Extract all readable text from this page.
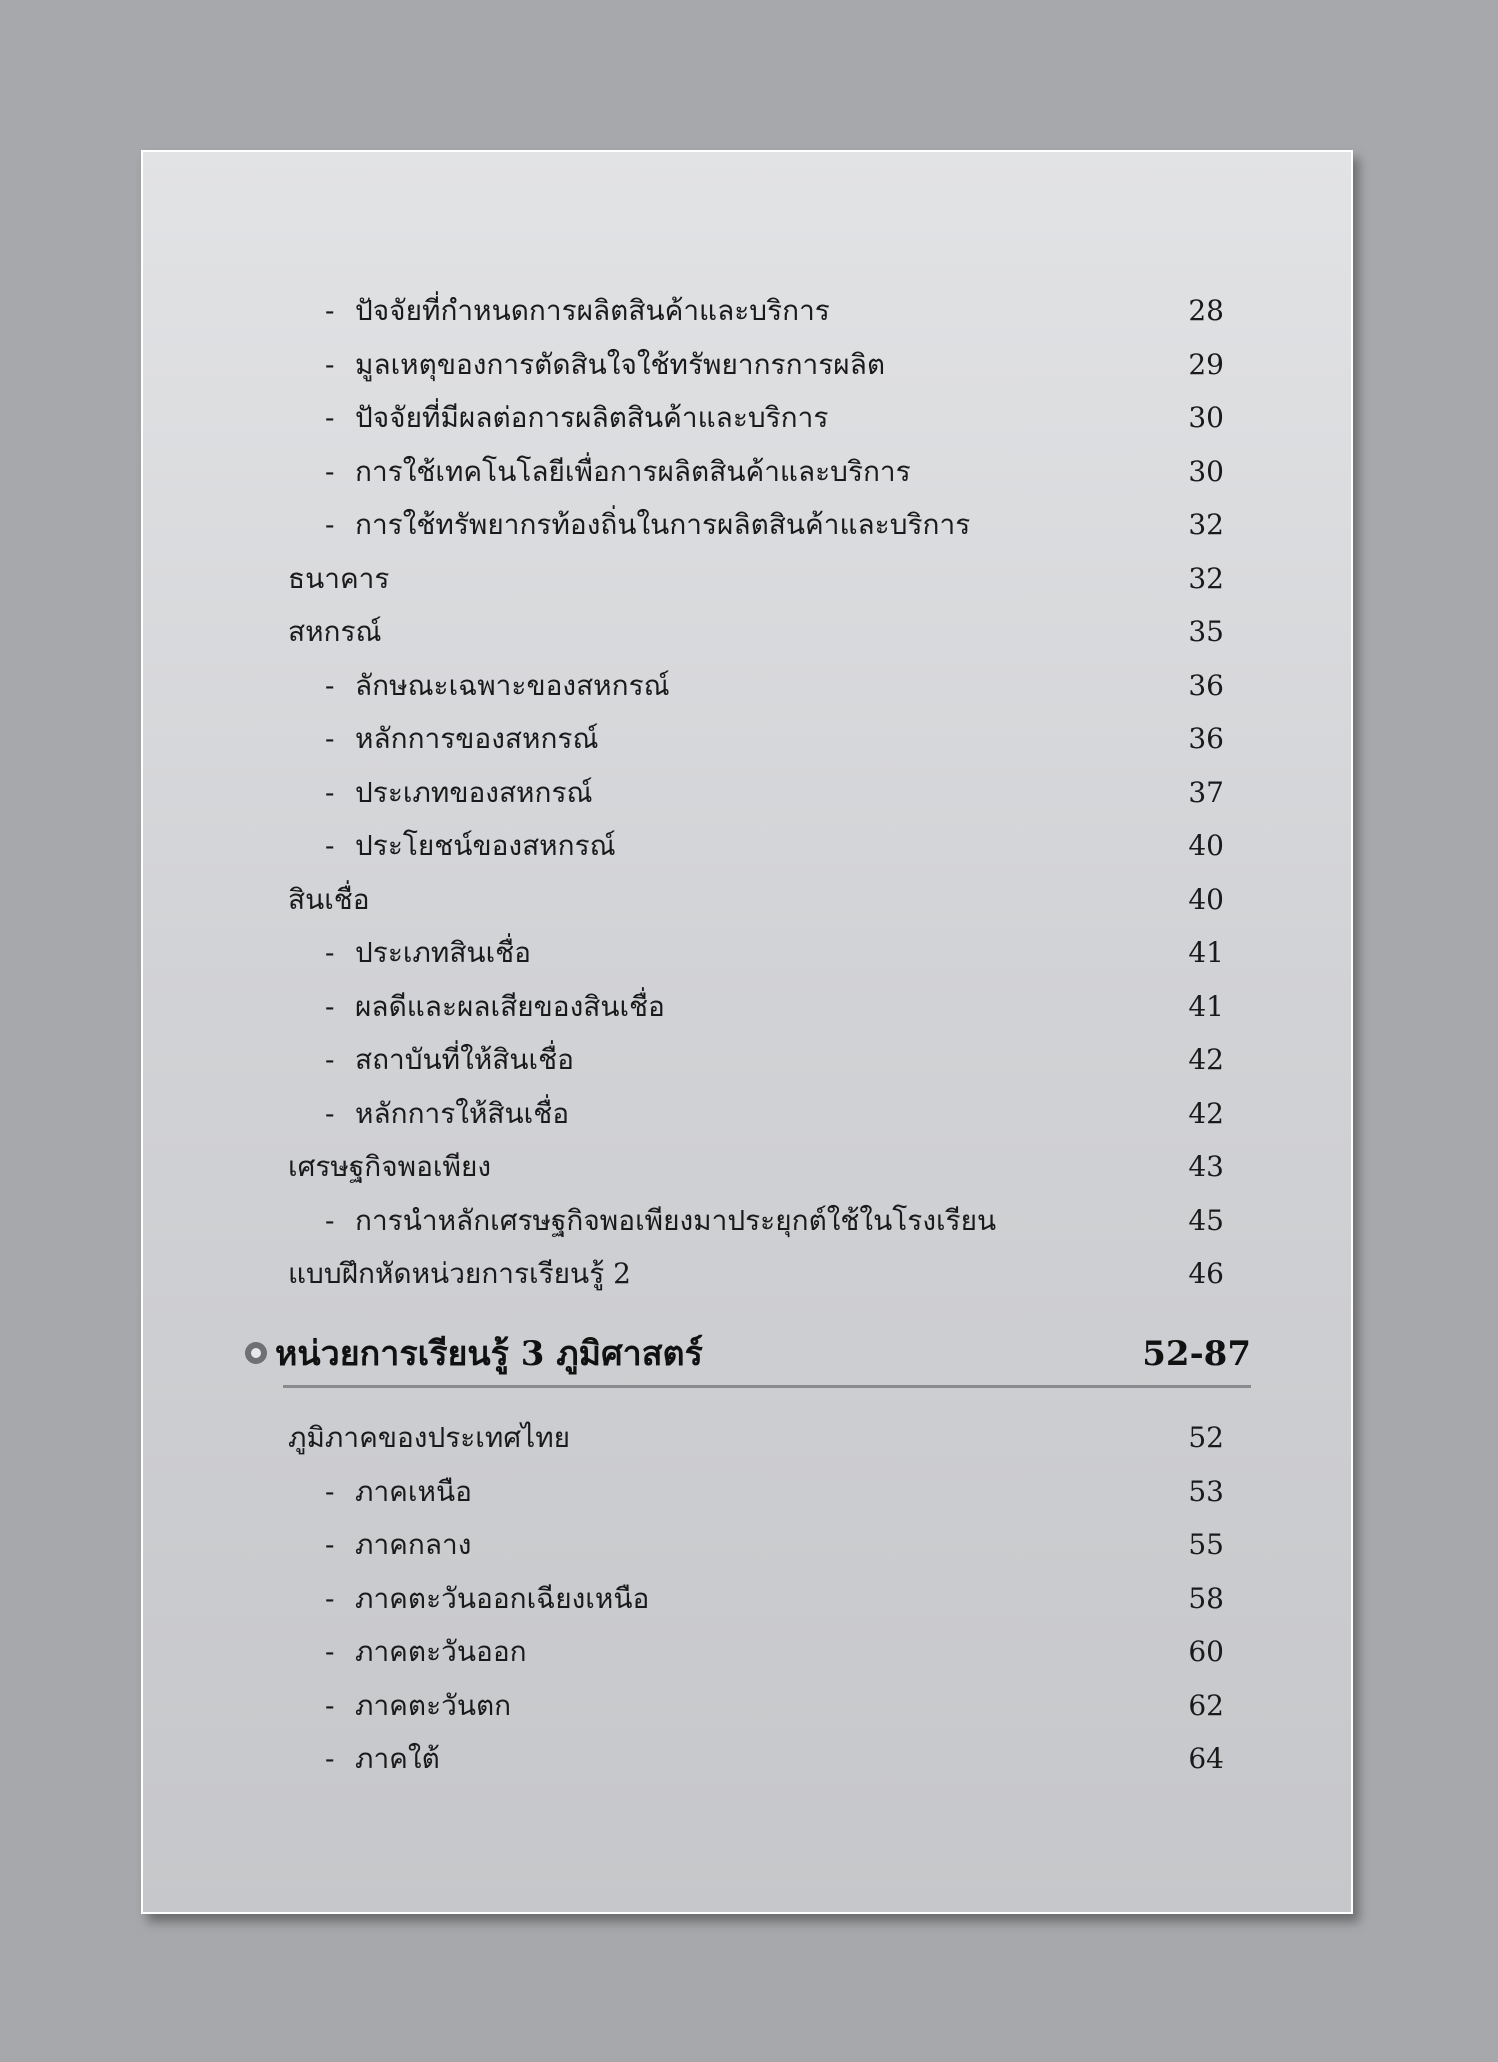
- ปัจจัยที่กำหนดการผลิตสินค้าและบริการ	28
- มูลเหตุของการตัดสินใจใช้ทรัพยากรการผลิต	29
- ปัจจัยที่มีผลต่อการผลิตสินค้าและบริการ	30
- การใช้เทคโนโลยีเพื่อการผลิตสินค้าและบริการ	30
- การใช้ทรัพยากรท้องถิ่นในการผลิตสินค้าและบริการ	32
ธนาคาร	32
สหกรณ์	35
- ลักษณะเฉพาะของสหกรณ์	36
- หลักการของสหกรณ์	36
- ประเภทของสหกรณ์	37
- ประโยชน์ของสหกรณ์	40
สินเชื่อ	40
- ประเภทสินเชื่อ	41
- ผลดีและผลเสียของสินเชื่อ	41
- สถาบันที่ให้สินเชื่อ	42
- หลักการให้สินเชื่อ	42
เศรษฐกิจพอเพียง	43
- การนำหลักเศรษฐกิจพอเพียงมาประยุกต์ใช้ในโรงเรียน	45
แบบฝึกหัดหน่วยการเรียนรู้ 2	46
หน่วยการเรียนรู้ 3 ภูมิศาสตร์	52-87
ภูมิภาคของประเทศไทย	52
- ภาคเหนือ	53
- ภาคกลาง	55
- ภาคตะวันออกเฉียงเหนือ	58
- ภาคตะวันออก	60
- ภาคตะวันตก	62
- ภาคใต้	64
